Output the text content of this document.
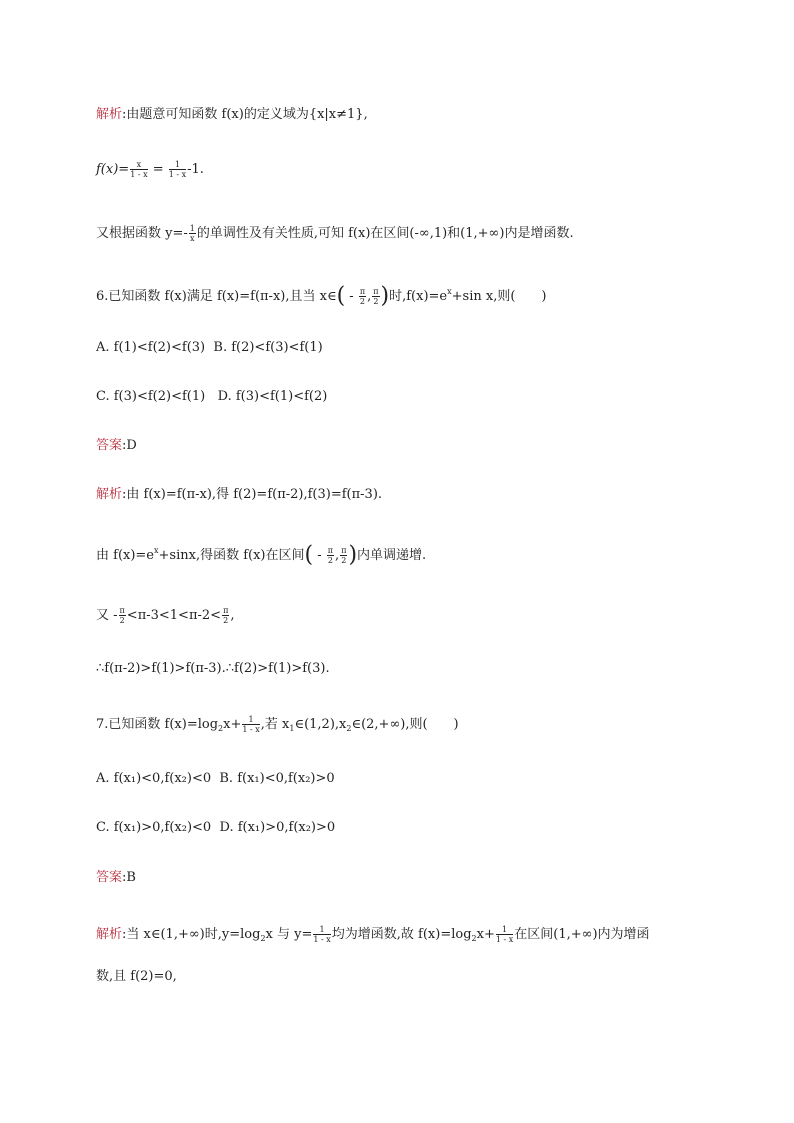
解析:由题意可知函数 f(x)的定义域为{x|x≠1},
$f(x)= \frac{x}{1 - x} = \frac{1}{1 - x} -1$.
又根据函数 $y=- \frac{1}{x}$ 的单调性及有关性质,可知 f(x)在区间(-∞,1)和(1,+∞)内是增函数.
6.已知函数 f(x)满足 f(x)=f(π-x),且当 x∈( - $\frac{\pi}{2}$ , $\frac{\pi}{2}$ )时$,f(x)=e^x+\sin$ x,则(　　)
A. f(1)<f(2)<f(3) B. f(2)<f(3)<f(1)
C. f(3)<f(2)<f(1) D. f(3)<f(1)<f(2)
答案:D
解析:由 f(x)=f(π-x),得 f(2)=f(π-2),f(3)=f(π-3).
由 $f(x)=e^x+\sin x$,得函数 f(x)在区间( - $\frac{\pi}{2}$ , $\frac{\pi}{2}$ )内单调递增.
又 - $\frac{\pi}{2} <\pi-3<1<\pi-2< \frac{\pi}{2}$ ,
∴f(π-2)>f(1)>f(π-3).∴f(2)>f(1)>f(3).
7.已知函数 $f(x)=\log_2x+ \frac{1}{1 - x}$ ,若 $x_1\in(1,2),x_2\in(2,+\infty)$,则(　　)
A. f(x₁)<0,f(x₂)<0 B. f(x₁)<0,f(x₂)>0
C. f(x₁)>0,f(x₂)<0 D. f(x₁)>0,f(x₂)>0
答案:B
解析:当 x∈(1,+∞)时$,y=\log_2x$ 与 $y= \frac{1}{1 - x}$ 均为增函数,故 $f(x)=\log_2x+ \frac{1}{1 - x}$ 在区间(1,+∞)内为增函
数,且 f(2)=0,
